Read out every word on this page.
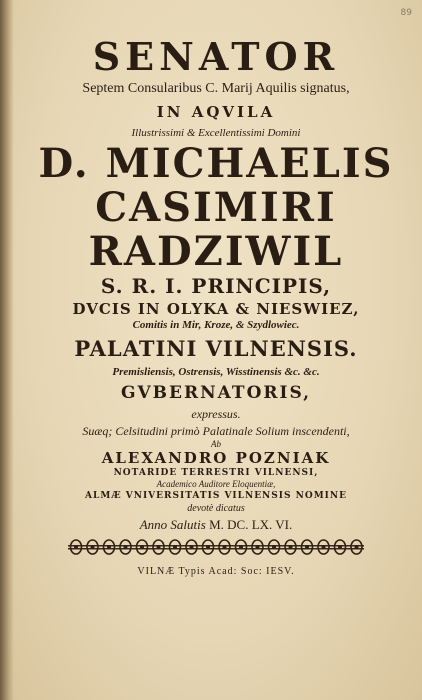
89
SENATOR
Septem Consularibus C. Marij Aquilis signatus,
IN AQVILA
Illustrissimi & Excellentissimi Domini
D. MICHAELIS
CASIMIRI
RADZIWIL
S. R. I. PRINCIPIS,
DVCIS IN OLYKA & NIESWIEZ,
Comitis in Mir, Kroze, & Szydlowiec.
PALATINI VILNENSIS.
Premisliensis, Ostrensis, Wisstinensis &c. &c.
GVBERNATORIS,
expressus.
Suæq; Celsitudini primò Palatinale Solium inscendenti,
Ab
ALEXANDRO POZNIAK
NOTARIDE TERRESTRI VILNENSI,
Academico Auditore Eloquentiæ,
ALMÆ VNIVERSITATIS VILNENSIS NOMINE
devotè dicatus
Anno Salutis M. DC. LX. VI.
VILNÆ Typis Acad: Soc: IESV.
